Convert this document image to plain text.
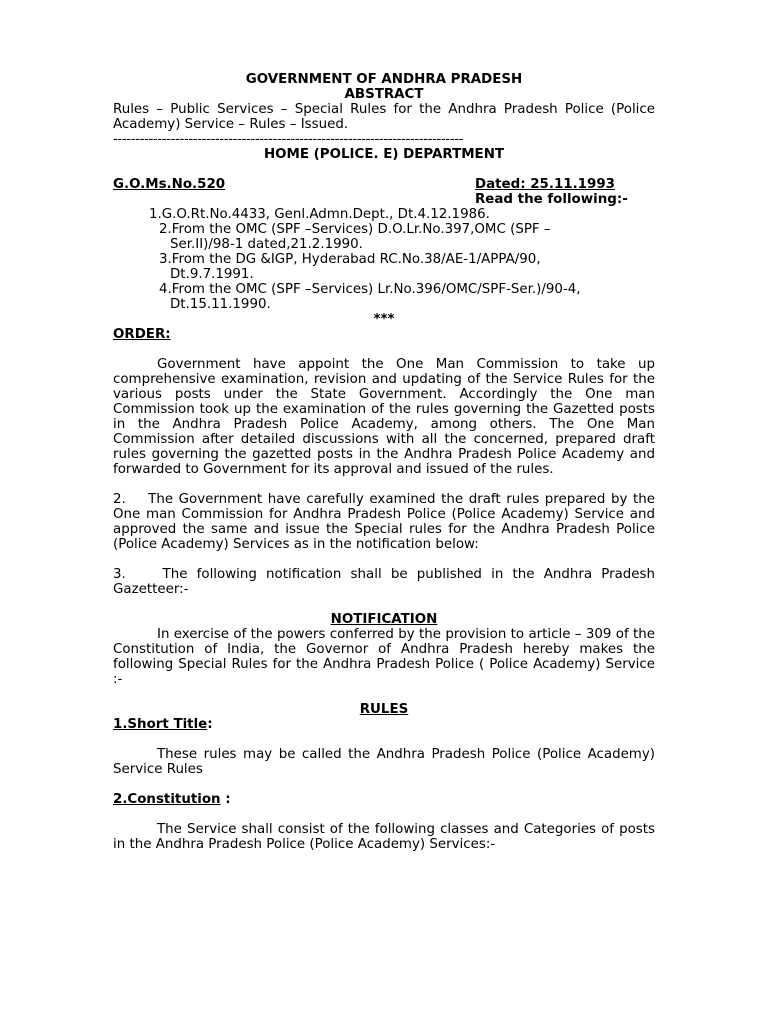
GOVERNMENT OF ANDHRA PRADESH
ABSTRACT
Rules – Public Services – Special Rules for the Andhra Pradesh Police (Police Academy) Service – Rules – Issued.
-------------------------------------------------------------------------------
HOME (POLICE. E) DEPARTMENT
G.O.Ms.No.520	Dated: 25.11.1993
Read the following:-
1.G.O.Rt.No.4433, Genl.Admn.Dept., Dt.4.12.1986.
2.From the OMC (SPF –Services) D.O.Lr.No.397,OMC (SPF –
Ser.II)/98-1 dated,21.2.1990.
3.From the DG &IGP, Hyderabad RC.No.38/AE-1/APPA/90,
Dt.9.7.1991.
4.From the OMC (SPF –Services) Lr.No.396/OMC/SPF-Ser.)/90-4,
Dt.15.11.1990.
***
ORDER:

Government have appoint the One Man Commission to take up comprehensive examination, revision and updating of the Service Rules for the various posts under the State Government. Accordingly the One man Commission took up the examination of the rules governing the Gazetted posts in the Andhra Pradesh Police Academy, among others. The One Man Commission after detailed discussions with all the concerned, prepared draft rules governing the gazetted posts in the Andhra Pradesh Police Academy and forwarded to Government for its approval and issued of the rules.

2.    The Government have carefully examined the draft rules prepared by the One man Commission for Andhra Pradesh Police (Police Academy) Service and approved the same and issue the Special rules for the Andhra Pradesh Police (Police Academy) Services as in the notification below:

3.    The following notification shall be published in the Andhra Pradesh Gazetteer:-

NOTIFICATION

In exercise of the powers conferred by the provision to article – 309 of the Constitution of India, the Governor of Andhra Pradesh hereby makes the following Special Rules for the Andhra Pradesh Police ( Police Academy) Service :-

RULES
1.Short Title:

These rules may be called the Andhra Pradesh Police (Police Academy) Service Rules

2.Constitution :

The Service shall consist of the following classes and Categories of posts in the Andhra Pradesh Police (Police Academy) Services:-
